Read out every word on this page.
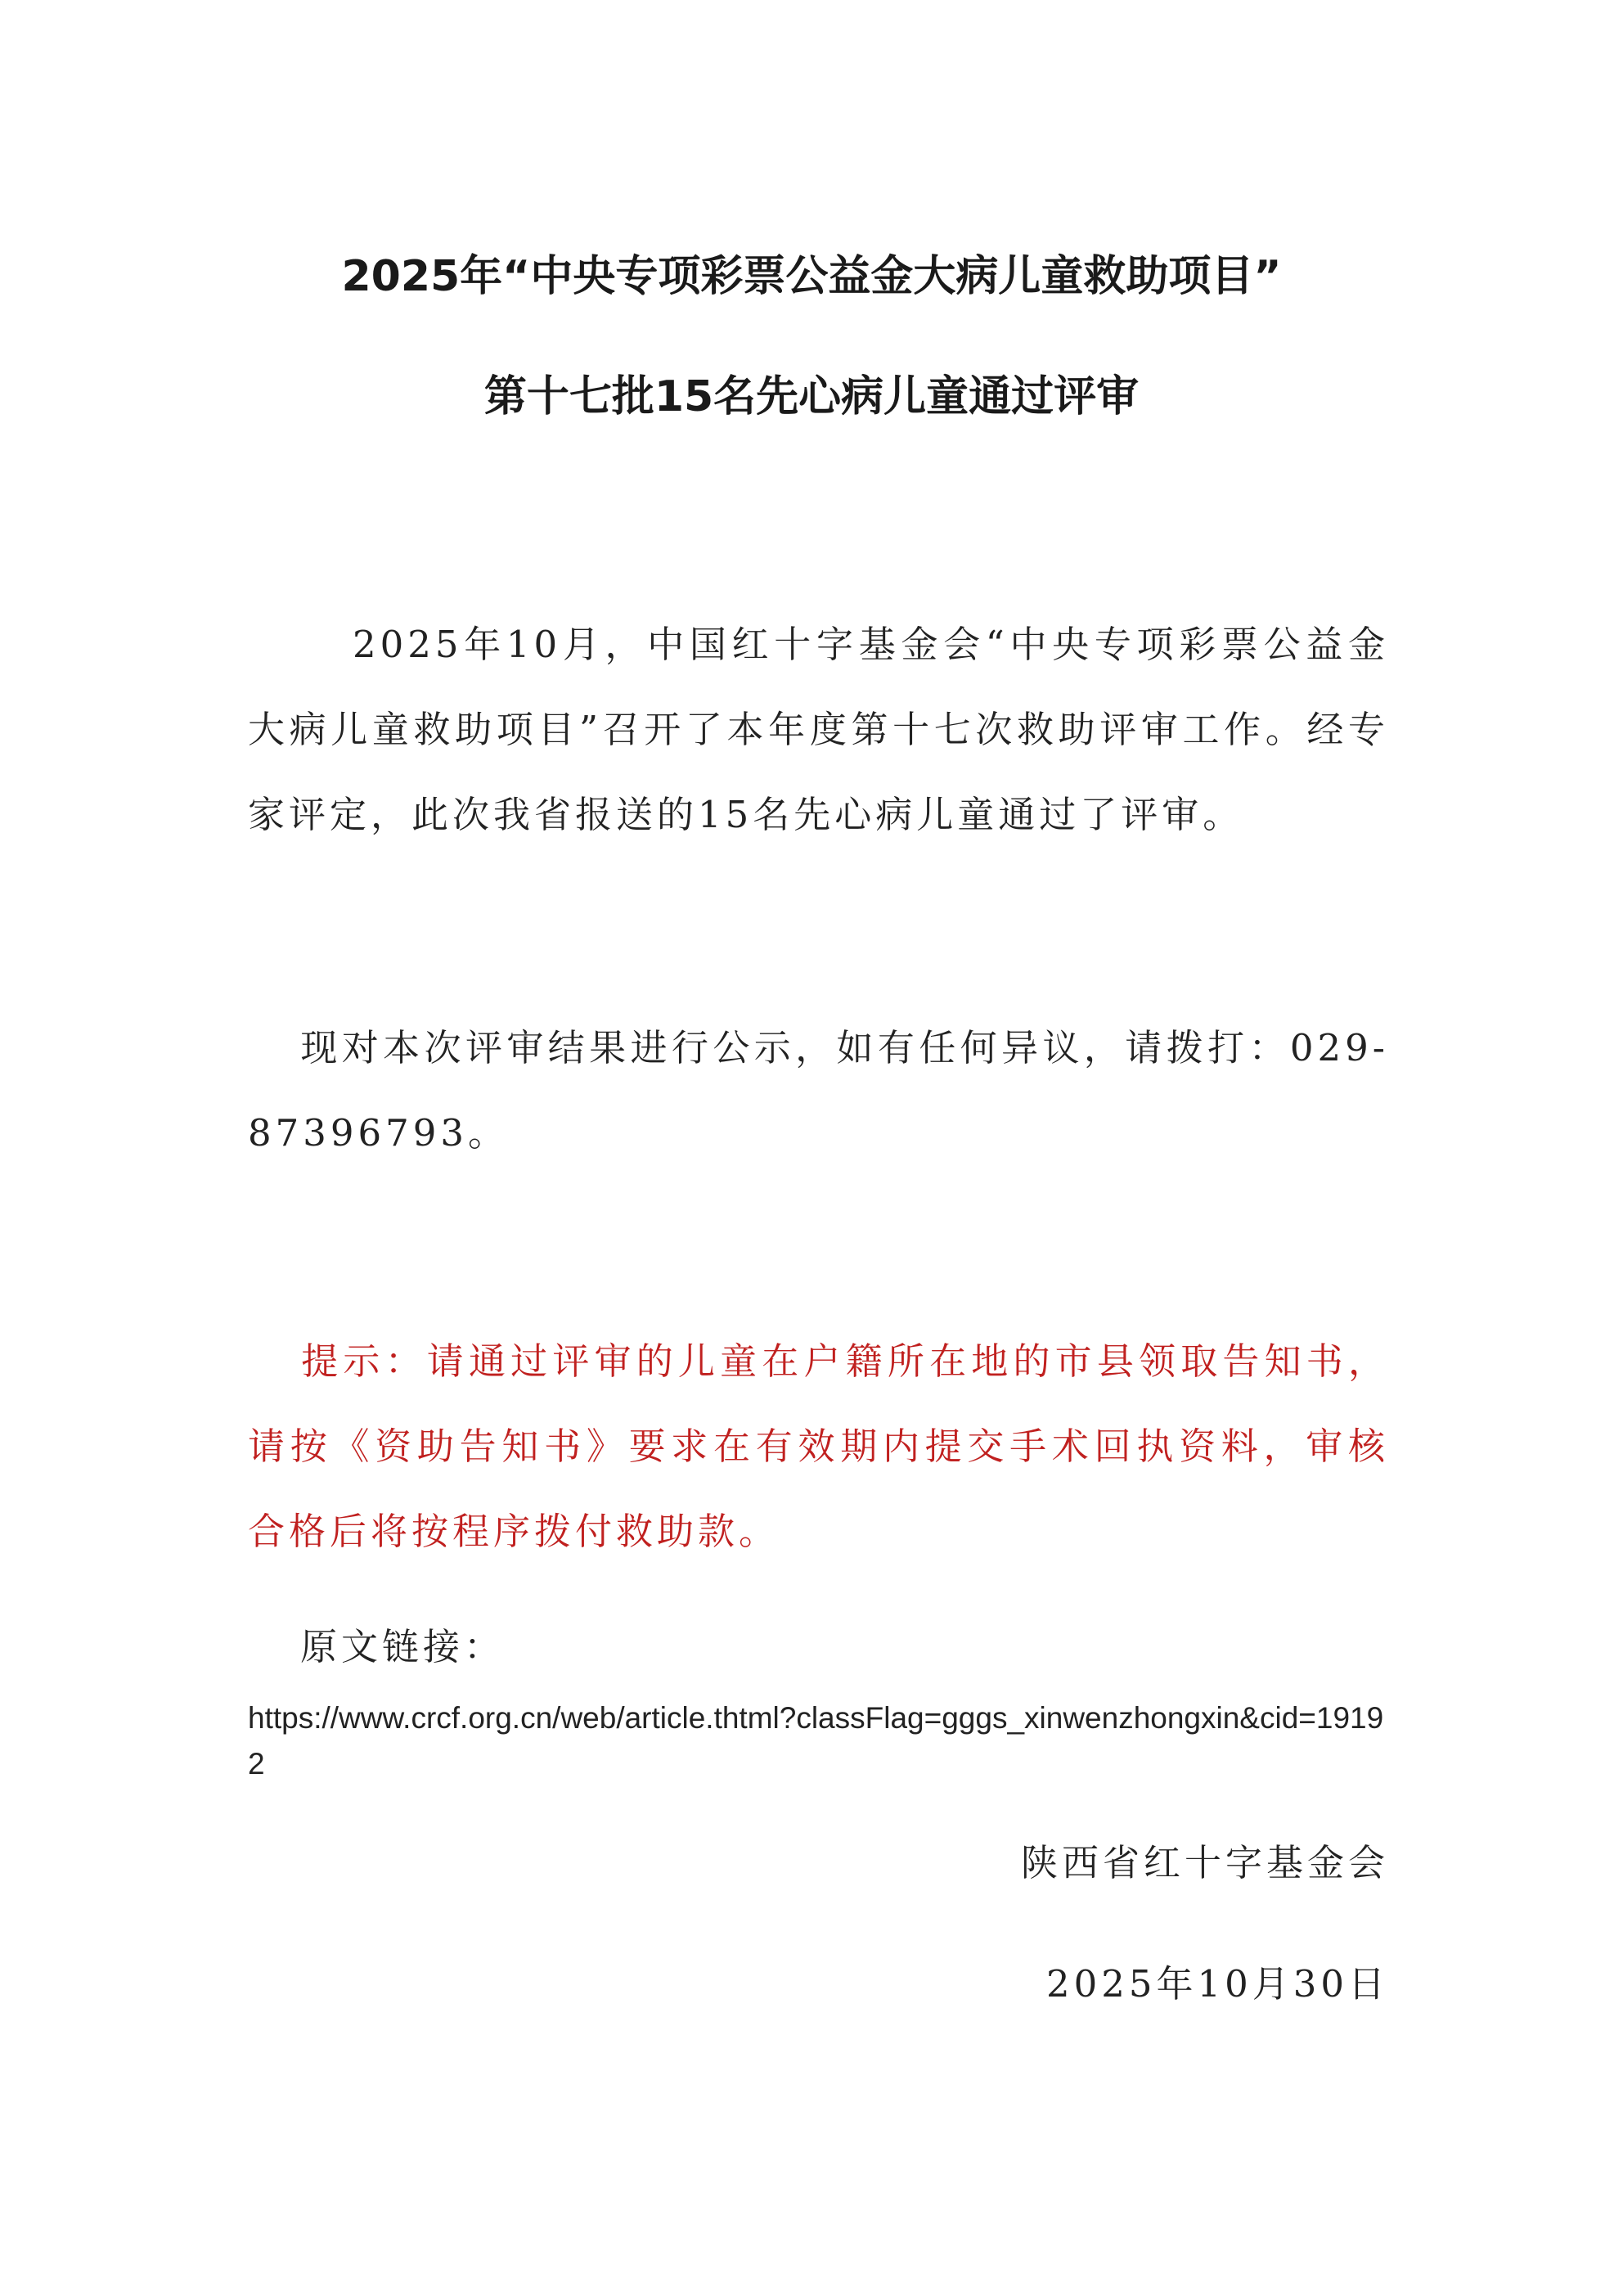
2025年“中央专项彩票公益金大病儿童救助项目”
第十七批15名先心病儿童通过评审

2025年10月，中国红十字基金会“中央专项彩票公益金大病儿童救助项目”召开了本年度第十七次救助评审工作。经专家评定，此次我省报送的15名先心病儿童通过了评审。

现对本次评审结果进行公示，如有任何异议，请拨打：029-87396793。

提示：请通过评审的儿童在户籍所在地的市县领取告知书，请按《资助告知书》要求在有效期内提交手术回执资料，审核合格后将按程序拨付救助款。

原文链接：

https://www.crcf.org.cn/web/article.thtml?classFlag=gggs_xinwenzhongxin&cid=19192

陕西省红十字基金会

2025年10月30日
